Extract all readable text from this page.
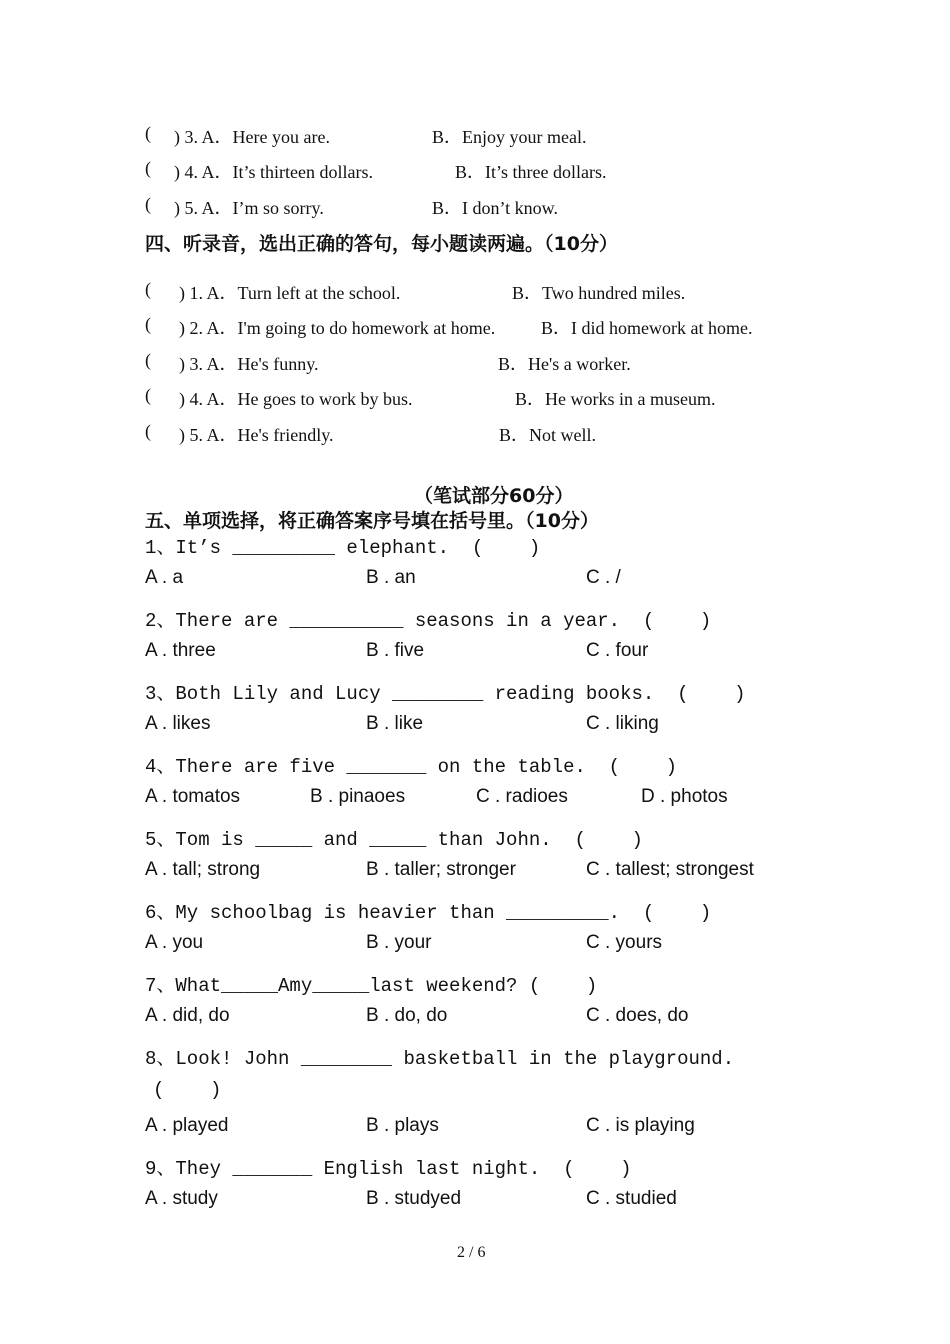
( ) 3. A．Here you are.	B．Enjoy your meal.
( ) 4. A．It’s thirteen dollars.	B．It’s three dollars.
( ) 5. A．I’m so sorry.	B．I don’t know.
四、听录音，选出正确的答句，每小题读两遍。（10分）
( ) 1. A．Turn left at the school.	B．Two hundred miles.
( ) 2. A．I'm going to do homework at home.	B．I did homework at home.
( ) 3. A．He's funny.	B．He's a worker.
( ) 4. A．He goes to work by bus.	B．He works in a museum.
( ) 5. A．He's friendly.	B．Not well.
（笔试部分60分）
五、单项选择，将正确答案序号填在括号里。（10分）
1、It’s _________ elephant.  (    )
A . a	B . an	C . /
2、There are __________ seasons in a year.  (    )
A . three	B . five	C . four
3、Both Lily and Lucy ________ reading books.  (    )
A . likes	B . like	C . liking
4、There are five _______ on the table.  (    )
A . tomatos	B . pinaoes	C . radioes	D . photos
5、Tom is _____ and _____ than John.  (    )
A . tall; strong	B . taller; stronger	C . tallest; strongest
6、My schoolbag is heavier than _________.  (    )
A . you	B . your	C . yours
7、What_____Amy_____last weekend? (    )
A . did, do	B . do, do	C . does, do
8、Look! John ________ basketball in the playground.
(    )
A . played	B . plays	C . is playing
9、They _______ English last night.  (    )
A . study	B . studyed	C . studied
2 / 6
